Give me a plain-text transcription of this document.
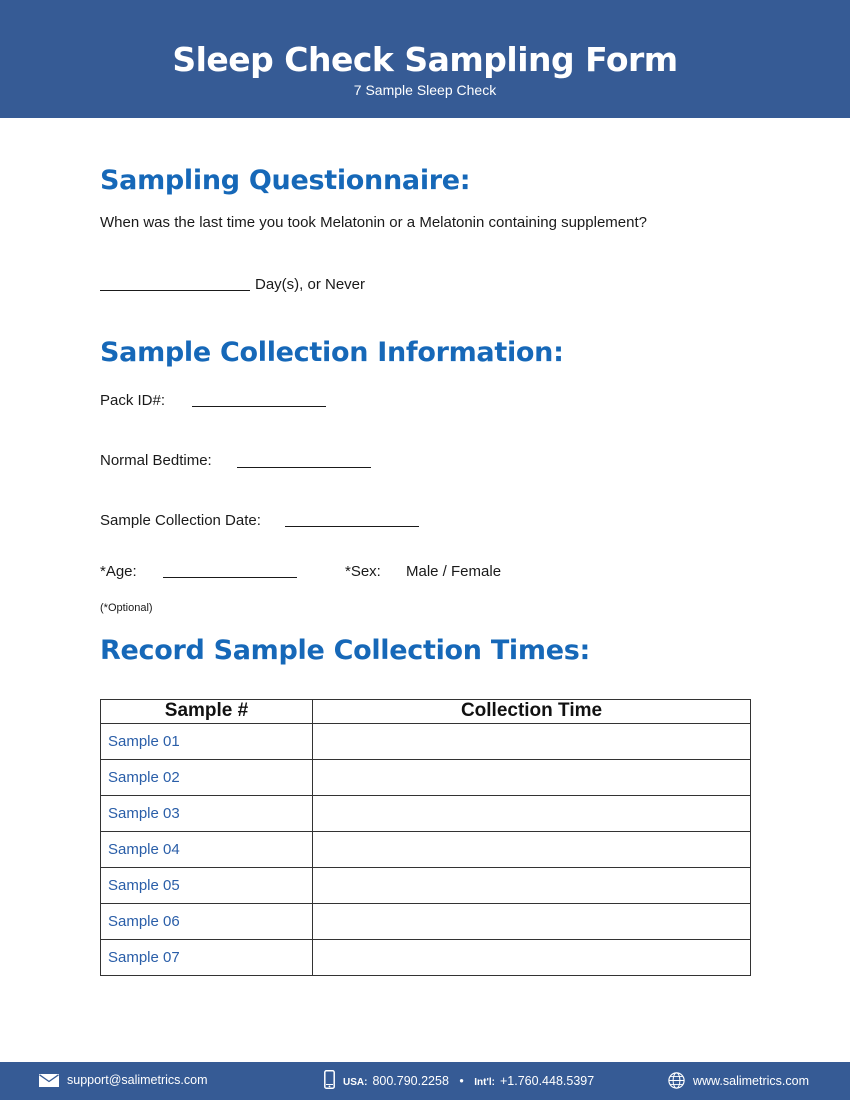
Sleep Check Sampling Form
7 Sample Sleep Check
Sampling Questionnaire:
When was the last time you took Melatonin or a Melatonin containing supplement?
Day(s), or Never
Sample Collection Information:
Pack ID#:
Normal Bedtime:
Sample Collection Date:
*Age:	*Sex: Male / Female
(*Optional)
Record Sample Collection Times:
Sample #	Collection Time
Sample 01	
Sample 02	
Sample 03	
Sample 04	
Sample 05	
Sample 06	
Sample 07	
support@salimetrics.com	USA: 800.790.2258 • Int'l: +1.760.448.5397	www.salimetrics.com
